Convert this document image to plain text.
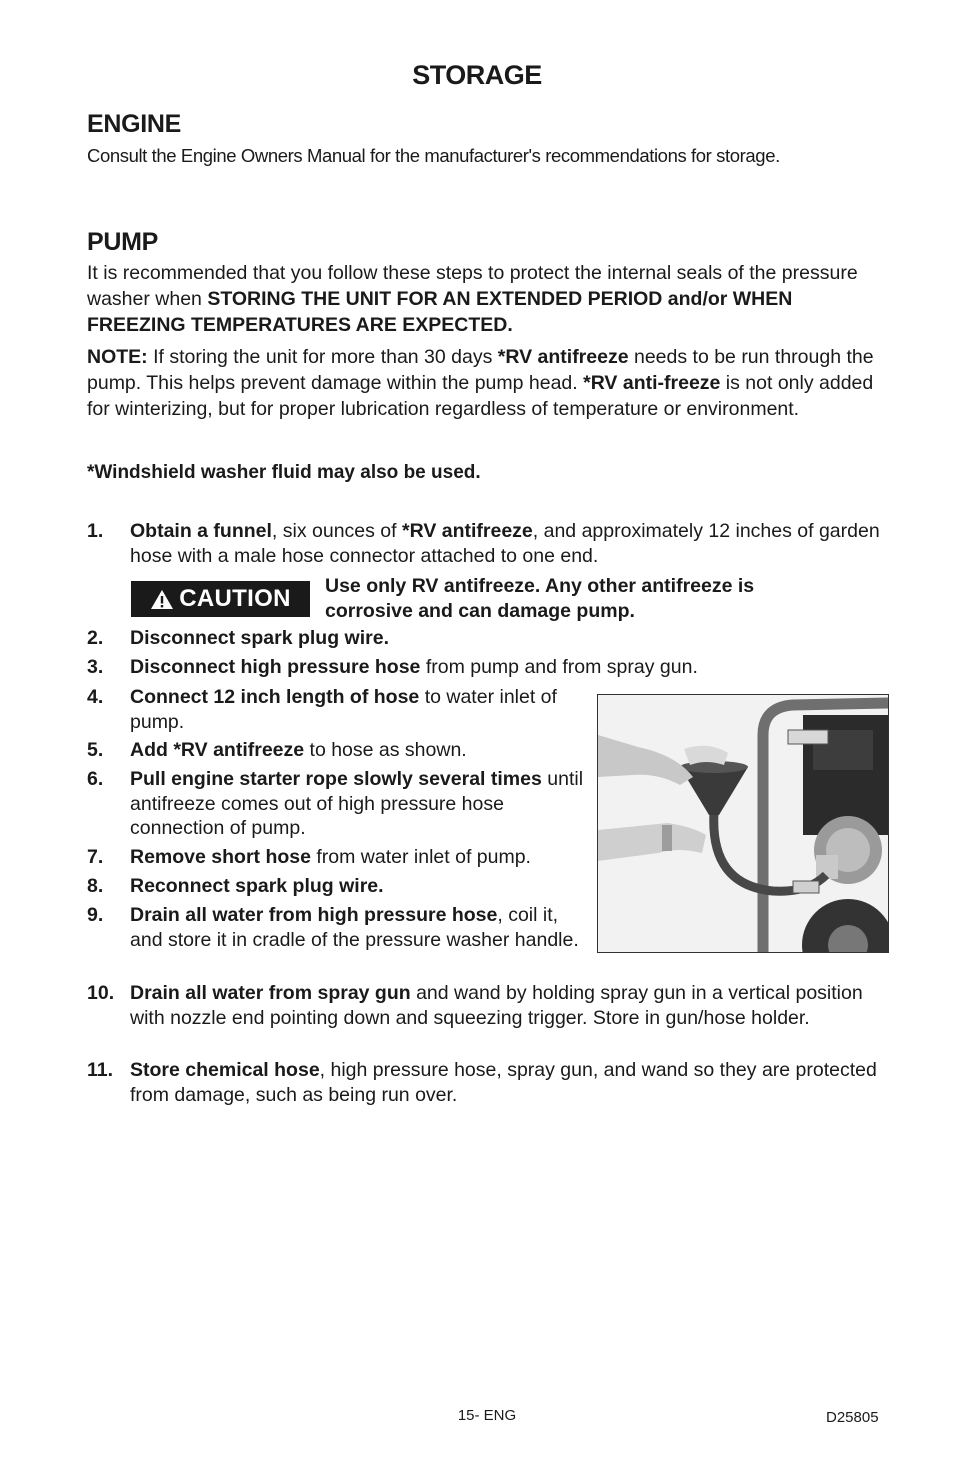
STORAGE
ENGINE
Consult the Engine Owners Manual for the manufacturer's recommendations for storage.
PUMP
It is recommended that you follow these steps to protect the internal seals of the pressure washer when STORING THE UNIT FOR AN EXTENDED PERIOD and/or WHEN FREEZING TEMPERATURES ARE EXPECTED.
NOTE: If storing the unit for more than 30 days *RV antifreeze needs to be run through the pump. This helps prevent damage within the pump head. *RV anti-freeze is not only added for winterizing, but for proper lubrication regardless of temperature or environment.
*Windshield washer fluid may also be used.
1. Obtain a funnel, six ounces of *RV antifreeze, and approximately 12 inches of garden hose with a male hose connector attached to one end.
CAUTION Use only RV antifreeze. Any other antifreeze is corrosive and can damage pump.
2. Disconnect spark plug wire.
3. Disconnect high pressure hose from pump and from spray gun.
4. Connect 12 inch length of hose to water inlet of pump.
5. Add *RV antifreeze to hose as shown.
6. Pull engine starter rope slowly several times until antifreeze comes out of high pressure hose connection of pump.
7. Remove short hose from water inlet of pump.
8. Reconnect spark plug wire.
9. Drain all water from high pressure hose, coil it, and store it in cradle of the pressure washer handle.
10. Drain all water from spray gun and wand by holding spray gun in a vertical position with nozzle end pointing down and squeezing trigger. Store in gun/hose holder.
11. Store chemical hose, high pressure hose, spray gun, and wand so they are protected from damage, such as being run over.
15- ENG	D25805
